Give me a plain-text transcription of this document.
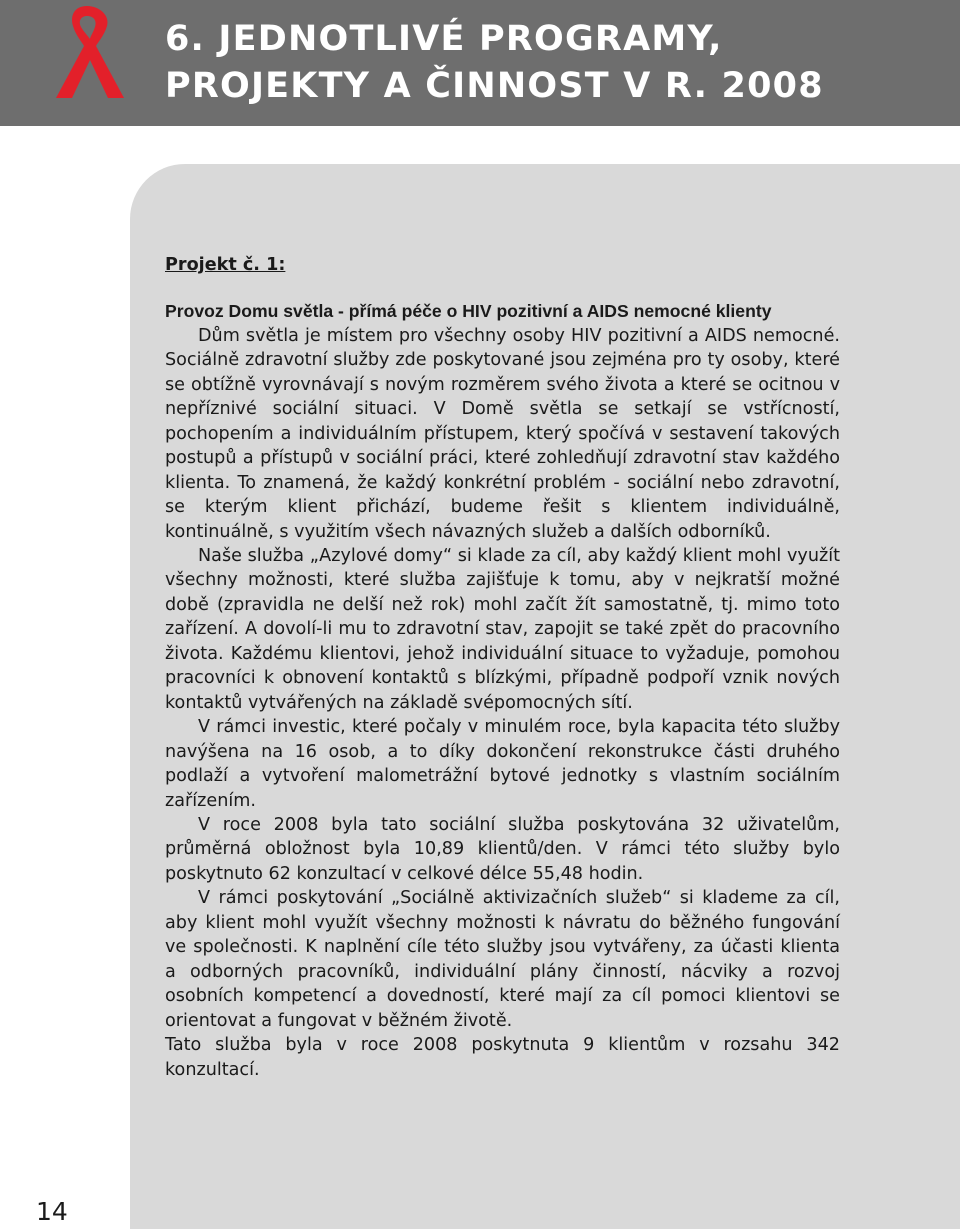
6. JEDNOTLIVÉ PROGRAMY,
PROJEKTY A ČINNOST V R. 2008

Projekt č. 1:

Provoz Domu světla - přímá péče o HIV pozitivní a AIDS nemocné klienty

Dům světla je místem pro všechny osoby HIV pozitivní a AIDS nemocné. Sociálně zdravotní služby zde poskytované jsou zejména pro ty osoby, které se obtížně vyrovnávají s novým rozměrem svého života a které se ocitnou v nepříznivé sociální situaci. V Domě světla se setkají se vstřícností, pochopením a individuálním přístupem, který spočívá v sestavení takových postupů a přístupů v sociální práci, které zohledňují zdravotní stav každého klienta. To znamená, že každý konkrétní problém - sociální nebo zdravotní, se kterým klient přichází, budeme řešit s klientem individuálně, kontinuálně, s využitím všech návazných služeb a dalších odborníků.

Naše služba „Azylové domy“ si klade za cíl, aby každý klient mohl využít všechny možnosti, které služba zajišťuje k tomu, aby v nejkratší možné době (zpravidla ne delší než rok) mohl začít žít samostatně, tj. mimo toto zařízení. A dovolí-li mu to zdravotní stav, zapojit se také zpět do pracovního života. Každému klientovi, jehož individuální situace to vyžaduje, pomohou pracovníci k obnovení kontaktů s blízkými, případně podpoří vznik nových kontaktů vytvářených na základě svépomocných sítí.

V rámci investic, které počaly v minulém roce, byla kapacita této služby navýšena na 16 osob, a to díky dokončení rekonstrukce části druhého podlaží a vytvoření malometrážní bytové jednotky s vlastním sociálním zařízením.

V roce 2008 byla tato sociální služba poskytována 32 uživatelům, průměrná obložnost byla 10,89 klientů/den. V rámci této služby bylo poskytnuto 62 konzultací v celkové délce 55,48 hodin.

V rámci poskytování „Sociálně aktivizačních služeb“ si klademe za cíl, aby klient mohl využít všechny možnosti k návratu do běžného fungování ve společnosti. K naplnění cíle této služby jsou vytvářeny, za účasti klienta a odborných pracovníků, individuální plány činností, nácviky a rozvoj osobních kompetencí a dovedností, které mají za cíl pomoci klientovi se orientovat a fungovat v běžném životě.

Tato služba byla v roce 2008 poskytnuta 9 klientům v rozsahu 342 konzultací.

14
